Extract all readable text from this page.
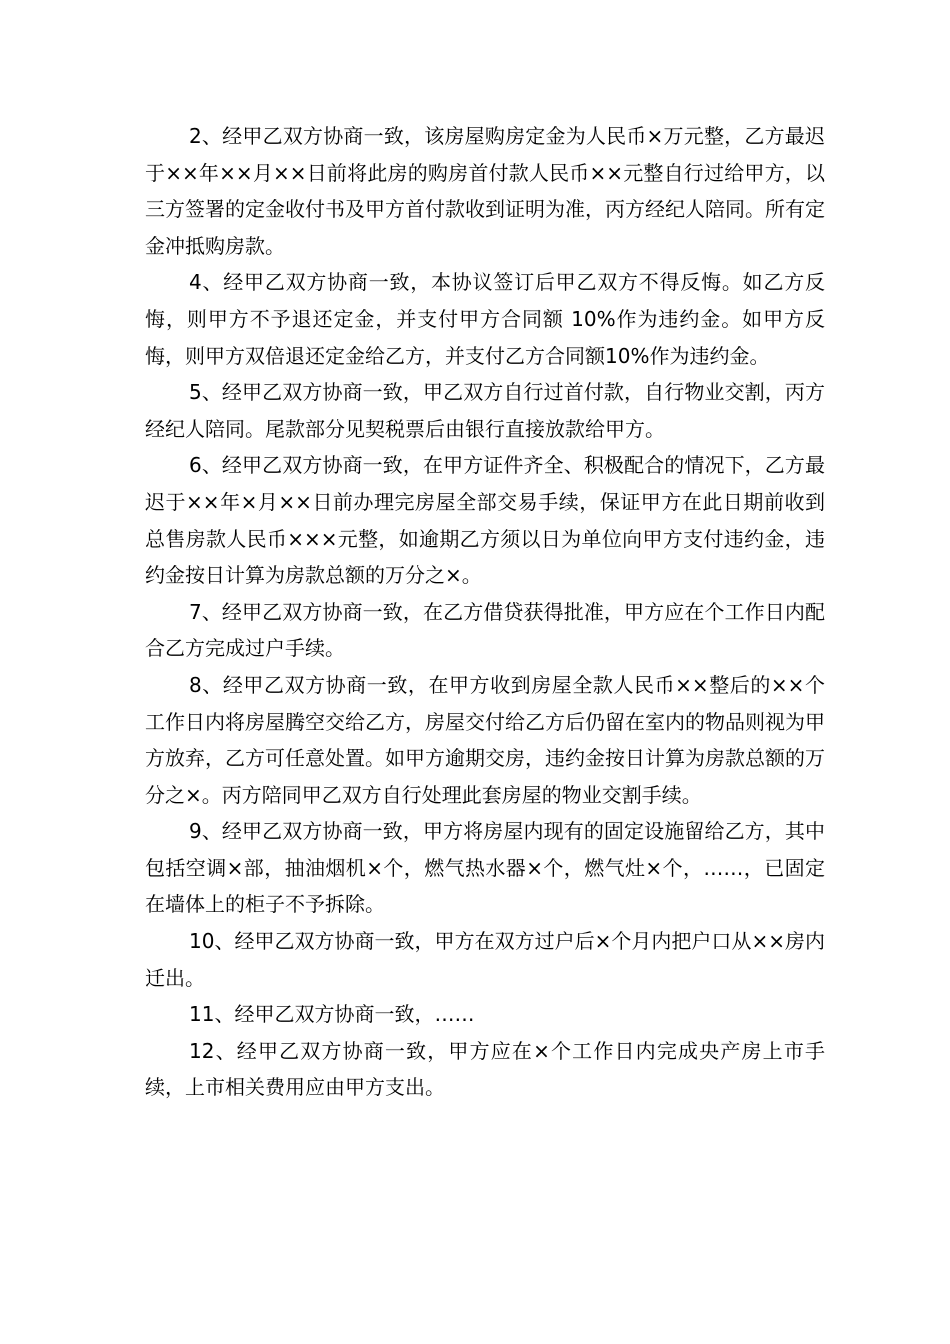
2、经甲乙双方协商一致，该房屋购房定金为人民币×万元整，乙方最迟于××年××月××日前将此房的购房首付款人民币××元整自行过给甲方，以三方签署的定金收付书及甲方首付款收到证明为准，丙方经纪人陪同。所有定金冲抵购房款。

4、经甲乙双方协商一致，本协议签订后甲乙双方不得反悔。如乙方反悔，则甲方不予退还定金，并支付甲方合同额 10%作为违约金。如甲方反悔，则甲方双倍退还定金给乙方，并支付乙方合同额10%作为违约金。

5、经甲乙双方协商一致，甲乙双方自行过首付款，自行物业交割，丙方经纪人陪同。尾款部分见契税票后由银行直接放款给甲方。

6、经甲乙双方协商一致，在甲方证件齐全、积极配合的情况下，乙方最迟于××年×月××日前办理完房屋全部交易手续，保证甲方在此日期前收到总售房款人民币×××元整，如逾期乙方须以日为单位向甲方支付违约金，违约金按日计算为房款总额的万分之×。

7、经甲乙双方协商一致，在乙方借贷获得批准，甲方应在个工作日内配合乙方完成过户手续。

8、经甲乙双方协商一致，在甲方收到房屋全款人民币××整后的××个工作日内将房屋腾空交给乙方，房屋交付给乙方后仍留在室内的物品则视为甲方放弃，乙方可任意处置。如甲方逾期交房，违约金按日计算为房款总额的万分之×。丙方陪同甲乙双方自行处理此套房屋的物业交割手续。

9、经甲乙双方协商一致，甲方将房屋内现有的固定设施留给乙方，其中包括空调×部，抽油烟机×个，燃气热水器×个，燃气灶×个，……，已固定在墙体上的柜子不予拆除。

10、经甲乙双方协商一致，甲方在双方过户后×个月内把户口从××房内迁出。

11、经甲乙双方协商一致，……

12、经甲乙双方协商一致，甲方应在×个工作日内完成央产房上市手续，上市相关费用应由甲方支出。
